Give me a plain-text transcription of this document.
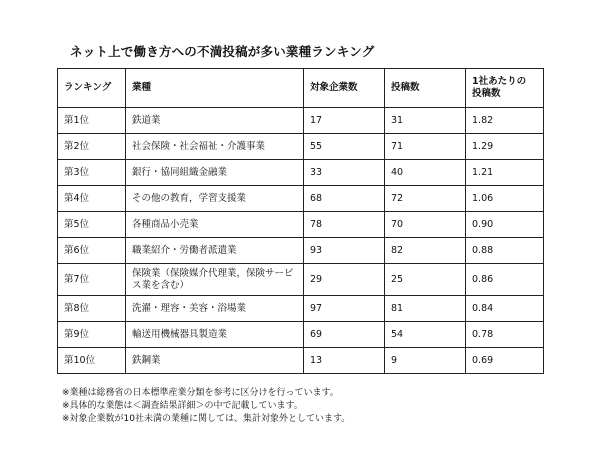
ネット上で働き方への不満投稿が多い業種ランキング
ランキング	業種	対象企業数	投稿数	1社あたりの
投稿数
第1位	鉄道業	17	31	1.82
第2位	社会保険・社会福祉・介護事業	55	71	1.29
第3位	銀行・協同組織金融業	33	40	1.21
第4位	その他の教育，学習支援業	68	72	1.06
第5位	各種商品小売業	78	70	0.90
第6位	職業紹介・労働者派遣業	93	82	0.88
第7位	保険業（保険媒介代理業，保険サービス業を含む）	29	25	0.86
第8位	洗濯・理容・美容・浴場業	97	81	0.84
第9位	輸送用機械器具製造業	69	54	0.78
第10位	鉄鋼業	13	9	0.69
※業種は総務省の日本標準産業分類を参考に区分けを行っています。
※具体的な業態は＜調査結果詳細＞の中で記載しています。
※対象企業数が10社未満の業種に関しては、集計対象外としています。
